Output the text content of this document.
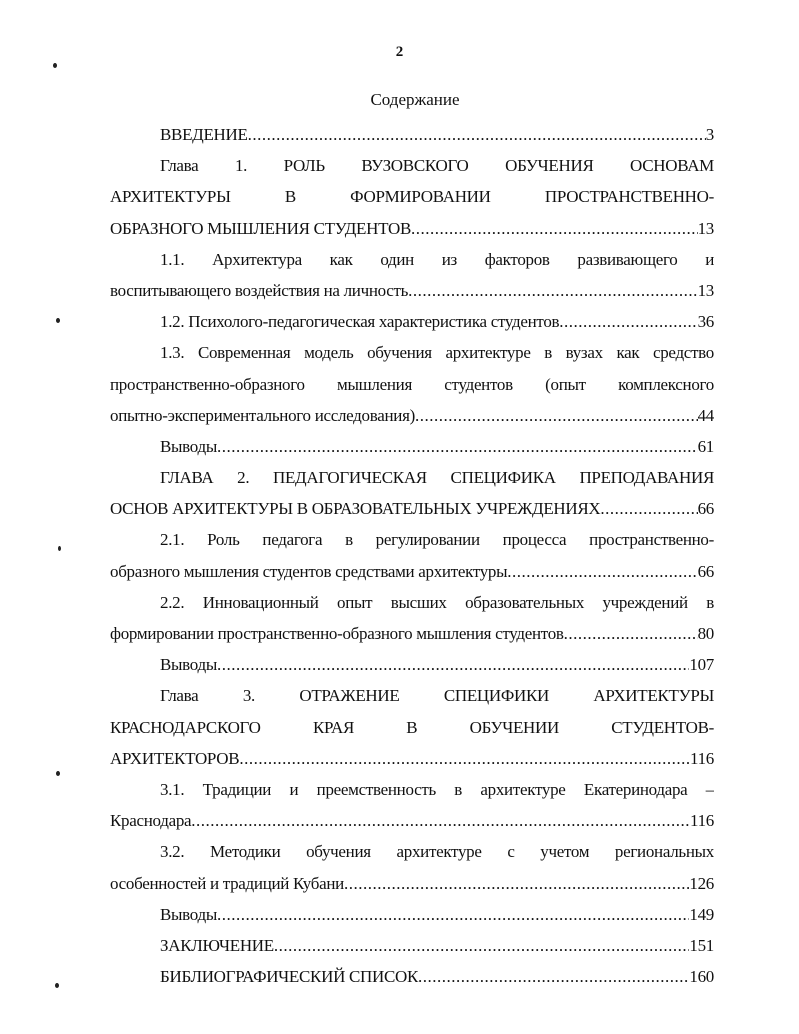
2
Содержание
ВВЕДЕНИЕ .....	3
Глава 1. РОЛЬ ВУЗОВСКОГО ОБУЧЕНИЯ ОСНОВАМ
АРХИТЕКТУРЫ В ФОРМИРОВАНИИ ПРОСТРАНСТВЕННО-
ОБРАЗНОГО МЫШЛЕНИЯ СТУДЕНТОВ .....	13
1.1. Архитектура как один из факторов развивающего и
воспитывающего воздействия на личность .....	13
1.2. Психолого-педагогическая характеристика студентов .....	36
1.3. Современная модель обучения архитектуре в вузах как средство
пространственно-образного мышления студентов (опыт комплексного
опытно-экспериментального исследования) .....	44
Выводы .....	61
ГЛАВА 2. ПЕДАГОГИЧЕСКАЯ СПЕЦИФИКА ПРЕПОДАВАНИЯ
ОСНОВ АРХИТЕКТУРЫ В ОБРАЗОВАТЕЛЬНЫХ УЧРЕЖДЕНИЯХ .....	66
2.1. Роль педагога в регулировании процесса пространственно-
образного мышления студентов средствами архитектуры .....	66
2.2. Инновационный опыт высших образовательных учреждений в
формировании пространственно-образного мышления студентов .....	80
Выводы .....	107
Глава 3. ОТРАЖЕНИЕ СПЕЦИФИКИ АРХИТЕКТУРЫ
КРАСНОДАРСКОГО КРАЯ В ОБУЧЕНИИ СТУДЕНТОВ-
АРХИТЕКТОРОВ .....	116
3.1. Традиции и преемственность в архитектуре Екатеринодара –
Краснодара .....	116
3.2. Методики обучения архитектуре с учетом региональных
особенностей и традиций Кубани .....	126
Выводы .....	149
ЗАКЛЮЧЕНИЕ .....	151
БИБЛИОГРАФИЧЕСКИЙ СПИСОК .....	160
